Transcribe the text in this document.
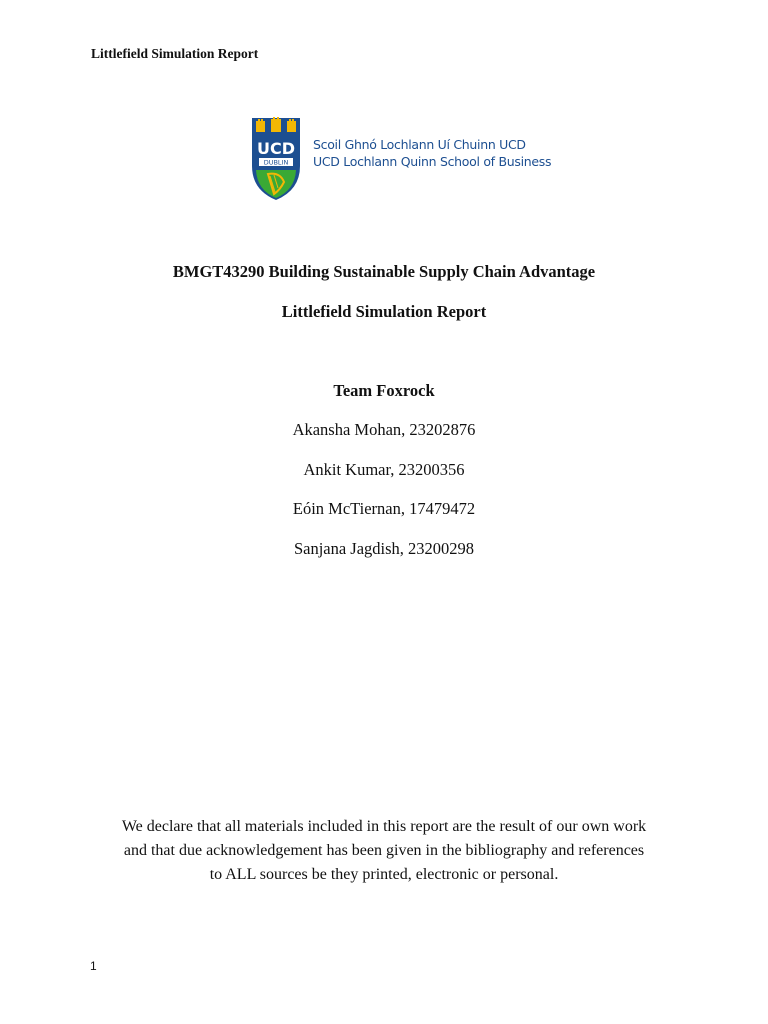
Littlefield Simulation Report
UCD
DUBLIN
Scoil Ghnó Lochlann Uí Chuinn UCD
UCD Lochlann Quinn School of Business
BMGT43290 Building Sustainable Supply Chain Advantage
Littlefield Simulation Report
Team Foxrock
Akansha Mohan, 23202876
Ankit Kumar, 23200356
Eóin McTiernan, 17479472
Sanjana Jagdish, 23200298
We declare that all materials included in this report are the result of our own work
and that due acknowledgement has been given in the bibliography and references
to ALL sources be they printed, electronic or personal.
1
